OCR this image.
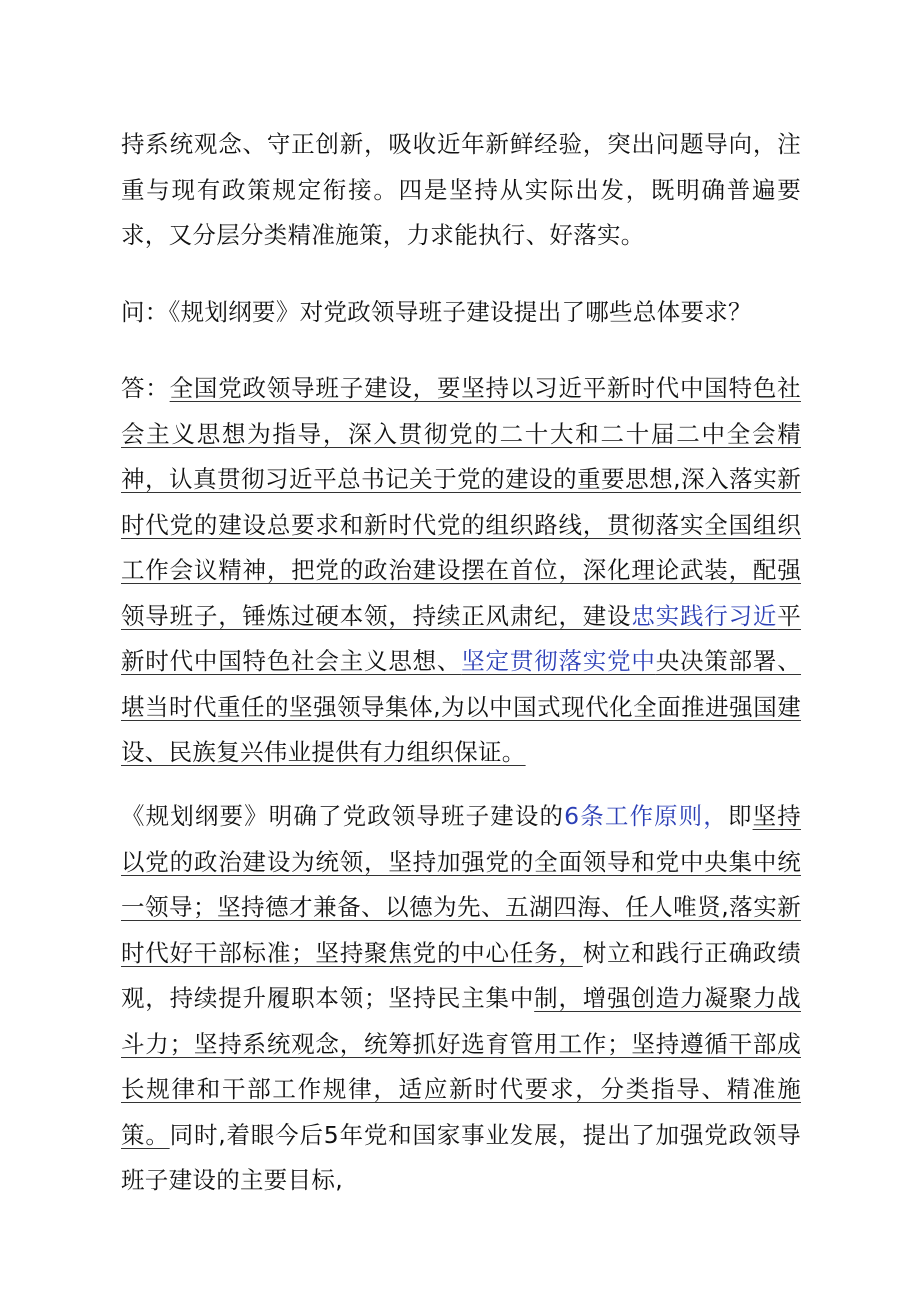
持系统观念、守正创新，吸收近年新鲜经验，突出问题导向，注重与现有政策规定衔接。四是坚持从实际出发，既明确普遍要求，又分层分类精准施策，力求能执行、好落实。

问：《规划纲要》对党政领导班子建设提出了哪些总体要求？

答：全国党政领导班子建设，要坚持以习近平新时代中国特色社会主义思想为指导，深入贯彻党的二十大和二十届二中全会精神，认真贯彻习近平总书记关于党的建设的重要思想,深入落实新时代党的建设总要求和新时代党的组织路线，贯彻落实全国组织工作会议精神，把党的政治建设摆在首位，深化理论武装，配强领导班子，锤炼过硬本领，持续正风肃纪，建设忠实践行习近平新时代中国特色社会主义思想、坚定贯彻落实党中央决策部署、堪当时代重任的坚强领导集体,为以中国式现代化全面推进强国建设、民族复兴伟业提供有力组织保证。

《规划纲要》明确了党政领导班子建设的6条工作原则，即坚持以党的政治建设为统领，坚持加强党的全面领导和党中央集中统一领导；坚持德才兼备、以德为先、五湖四海、任人唯贤,落实新时代好干部标准；坚持聚焦党的中心任务，树立和践行正确政绩观，持续提升履职本领；坚持民主集中制，增强创造力凝聚力战斗力；坚持系统观念，统筹抓好选育管用工作；坚持遵循干部成长规律和干部工作规律，适应新时代要求，分类指导、精准施策。同时,着眼今后5年党和国家事业发展，提出了加强党政领导班子建设的主要目标,
